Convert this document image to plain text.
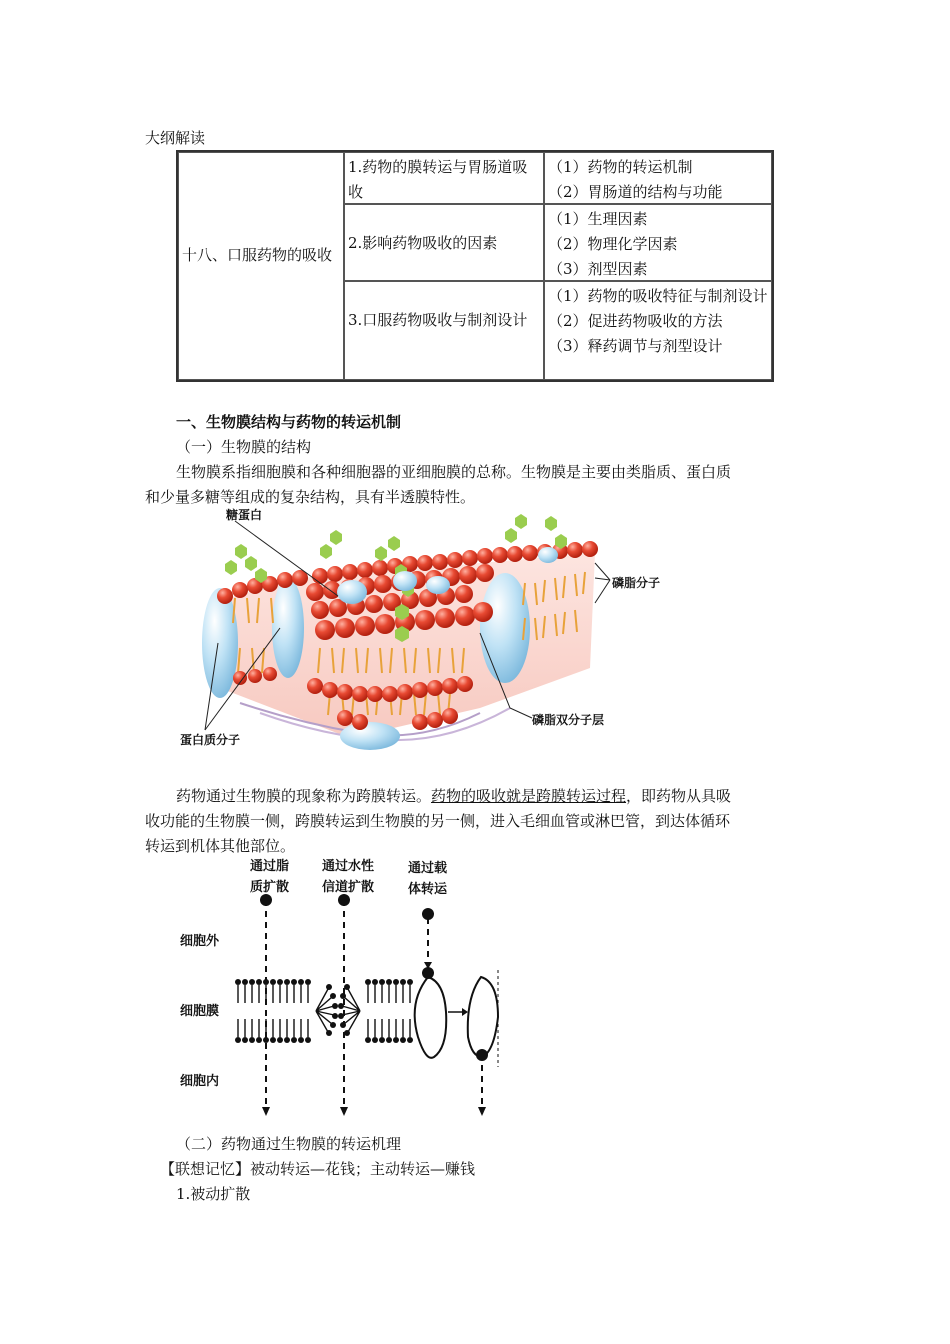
大纲解读
十八、口服药物的吸收
1.药物的膜转运与胃肠道吸收
（1）药物的转运机制
（2）胃肠道的结构与功能
2.影响药物吸收的因素
（1）生理因素
（2）物理化学因素
（3）剂型因素
3.口服药物吸收与制剂设计
（1）药物的吸收特征与制剂设计
（2）促进药物吸收的方法
（3）释药调节与剂型设计
一、生物膜结构与药物的转运机制
（一）生物膜的结构
生物膜系指细胞膜和各种细胞器的亚细胞膜的总称。生物膜是主要由类脂质、蛋白质
和少量多糖等组成的复杂结构，具有半透膜特性。
糖蛋白
磷脂分子
磷脂双分子层
蛋白质分子
药物通过生物膜的现象称为跨膜转运。药物的吸收就是跨膜转运过程，即药物从具吸
收功能的生物膜一侧，跨膜转运到生物膜的另一侧，进入毛细血管或淋巴管，到达体循环
转运到机体其他部位。
通过脂
质扩散
通过水性
信道扩散
通过载
体转运
细胞外
细胞膜
细胞内
（二）药物通过生物膜的转运机理
【联想记忆】被动转运—花钱；主动转运—赚钱
1.被动扩散
